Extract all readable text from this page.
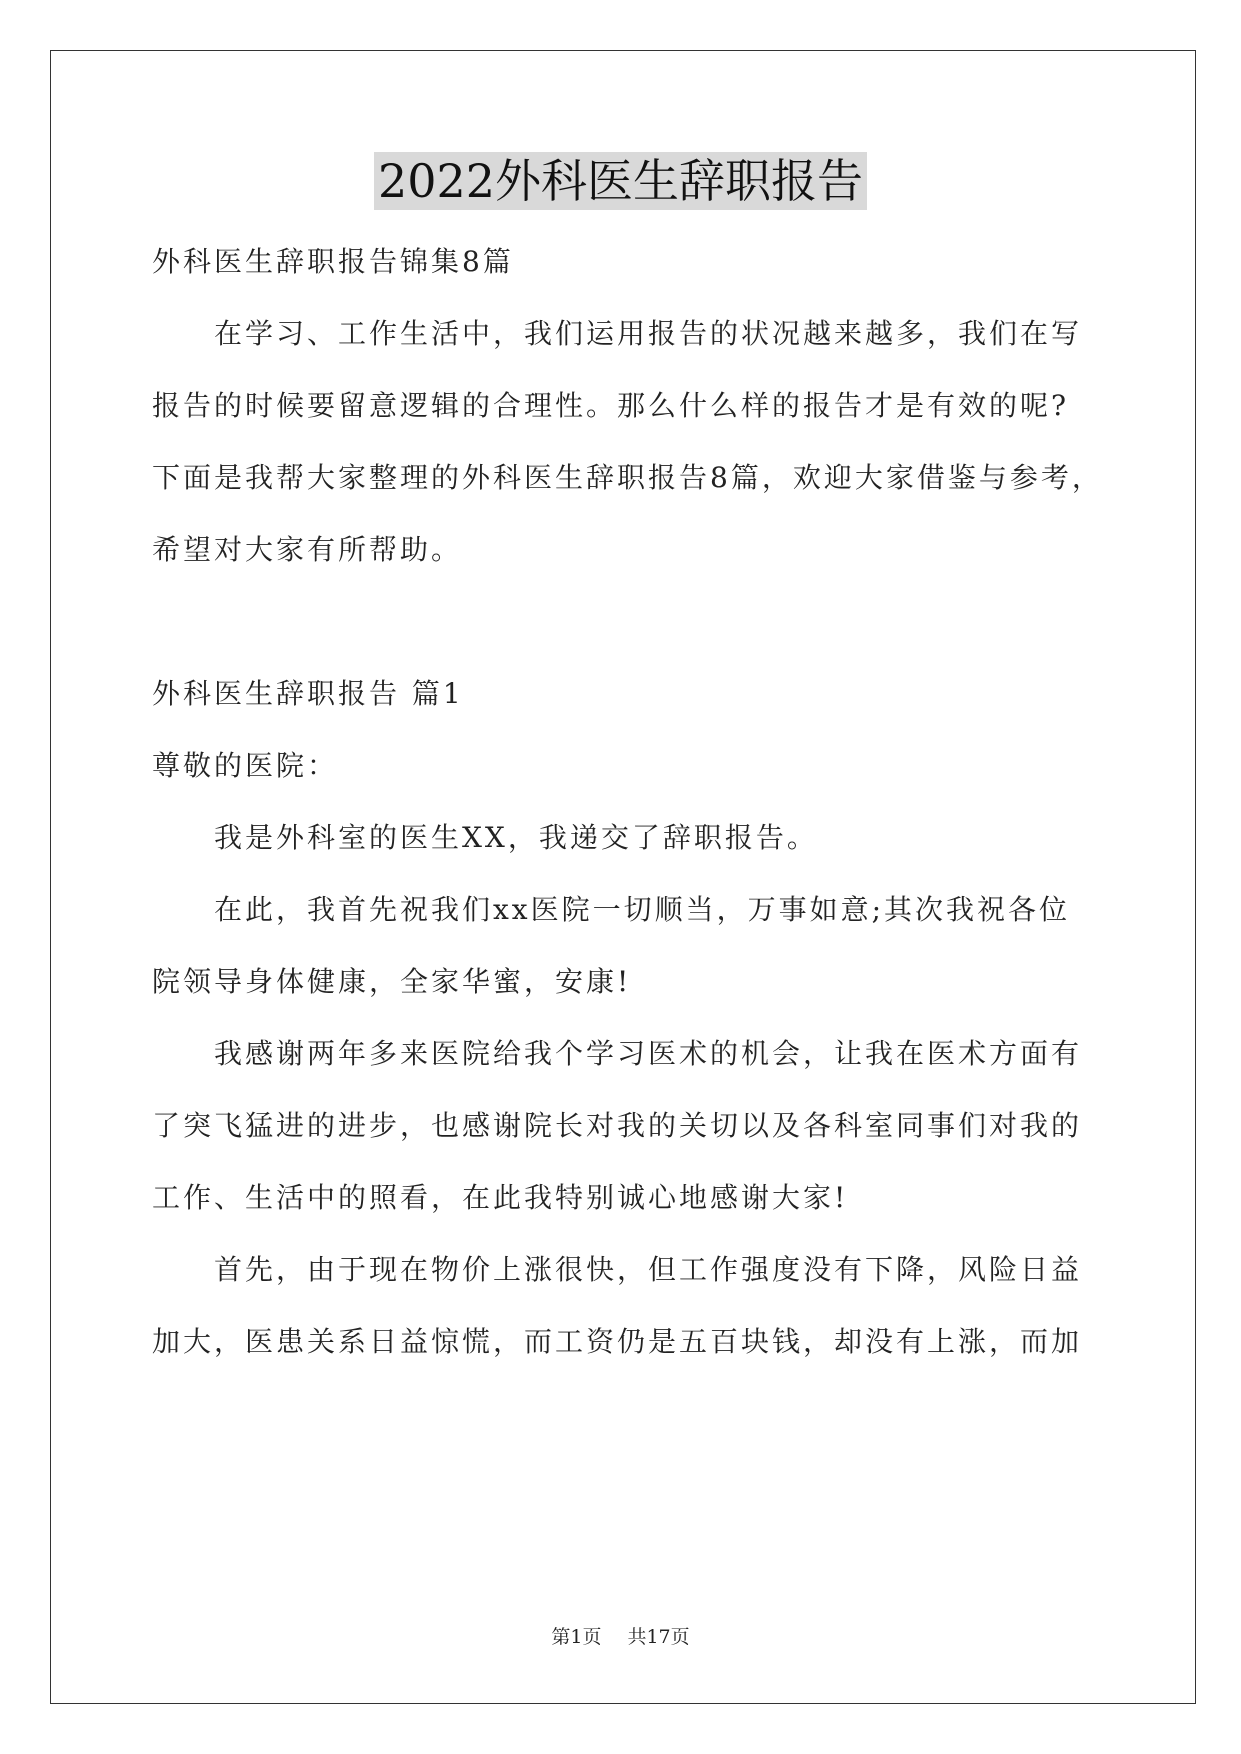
2022外科医生辞职报告
外科医生辞职报告锦集8篇
在学习、工作生活中，我们运用报告的状况越来越多，我们在写
报告的时候要留意逻辑的合理性。那么什么样的报告才是有效的呢?
下面是我帮大家整理的外科医生辞职报告8篇，欢迎大家借鉴与参考，
希望对大家有所帮助。
外科医生辞职报告 篇1
尊敬的医院：
我是外科室的医生XX，我递交了辞职报告。
在此，我首先祝我们xx医院一切顺当，万事如意;其次我祝各位
院领导身体健康，全家华蜜，安康!
我感谢两年多来医院给我个学习医术的机会，让我在医术方面有
了突飞猛进的进步，也感谢院长对我的关切以及各科室同事们对我的
工作、生活中的照看，在此我特别诚心地感谢大家!
首先，由于现在物价上涨很快，但工作强度没有下降，风险日益
加大，医患关系日益惊慌，而工资仍是五百块钱，却没有上涨，而加
第1页 共17页
